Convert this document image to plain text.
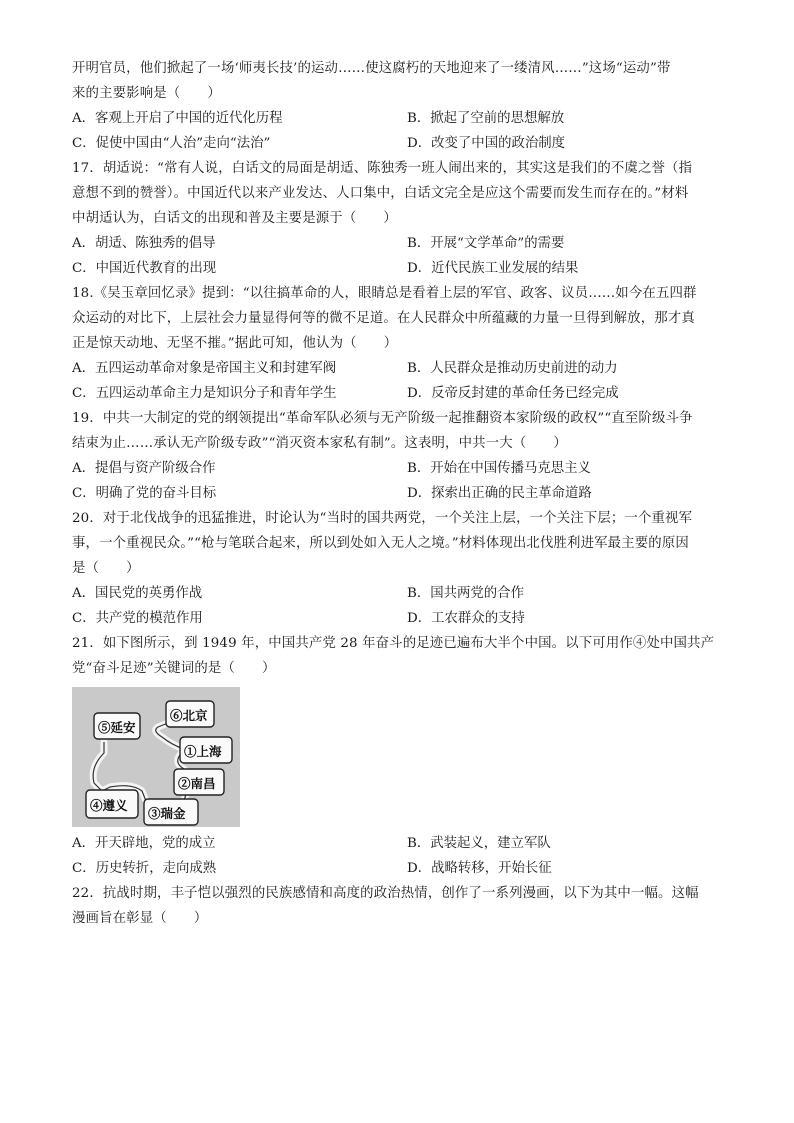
开明官员，他们掀起了一场‘师夷长技’的运动……使这腐朽的天地迎来了一缕清风……”这场“运动”带

来的主要影响是（　　）

A．客观上开启了中国的近代化历程	B．掀起了空前的思想解放
C．促使中国由“人治”走向“法治”	D．改变了中国的政治制度

17．胡适说：“常有人说，白话文的局面是胡适、陈独秀一班人闹出来的，其实这是我们的不虞之誉（指

意想不到的赞誉）。中国近代以来产业发达、人口集中，白话文完全是应这个需要而发生而存在的。”材料

中胡适认为，白话文的出现和普及主要是源于（　　）

A．胡适、陈独秀的倡导	B．开展“文学革命”的需要
C．中国近代教育的出现	D．近代民族工业发展的结果

18.《吴玉章回忆录》提到：“以往搞革命的人，眼睛总是看着上层的军官、政客、议员……如今在五四群

众运动的对比下，上层社会力量显得何等的微不足道。在人民群众中所蕴藏的力量一旦得到解放，那才真

正是惊天动地、无坚不摧。”据此可知，他认为（　　）

A．五四运动革命对象是帝国主义和封建军阀	B．人民群众是推动历史前进的动力
C．五四运动革命主力是知识分子和青年学生	D．反帝反封建的革命任务已经完成

19．中共一大制定的党的纲领提出“革命军队必须与无产阶级一起推翻资本家阶级的政权”“直至阶级斗争

结束为止……承认无产阶级专政”“消灭资本家私有制”。这表明，中共一大（　　）

A．提倡与资产阶级合作	B．开始在中国传播马克思主义
C．明确了党的奋斗目标	D．探索出正确的民主革命道路

20．对于北伐战争的迅猛推进，时论认为“当时的国共两党，一个关注上层，一个关注下层；一个重视军

事，一个重视民众。”“枪与笔联合起来，所以到处如入无人之境。”材料体现出北伐胜利进军最主要的原因

是（　　）

A．国民党的英勇作战	B．国共两党的合作
C．共产党的模范作用	D．工农群众的支持

21．如下图所示，到 1949 年，中国共产党 28 年奋斗的足迹已遍布大半个中国。以下可用作④处中国共产

党“奋斗足迹”关键词的是（　　）

⑤延安
⑥北京
①上海
②南昌
④遵义
③瑞金
A．开天辟地，党的成立	B．武装起义，建立军队
C．历史转折，走向成熟	D．战略转移，开始长征

22．抗战时期，丰子恺以强烈的民族感情和高度的政治热情，创作了一系列漫画，以下为其中一幅。这幅

漫画旨在彰显（　　）
